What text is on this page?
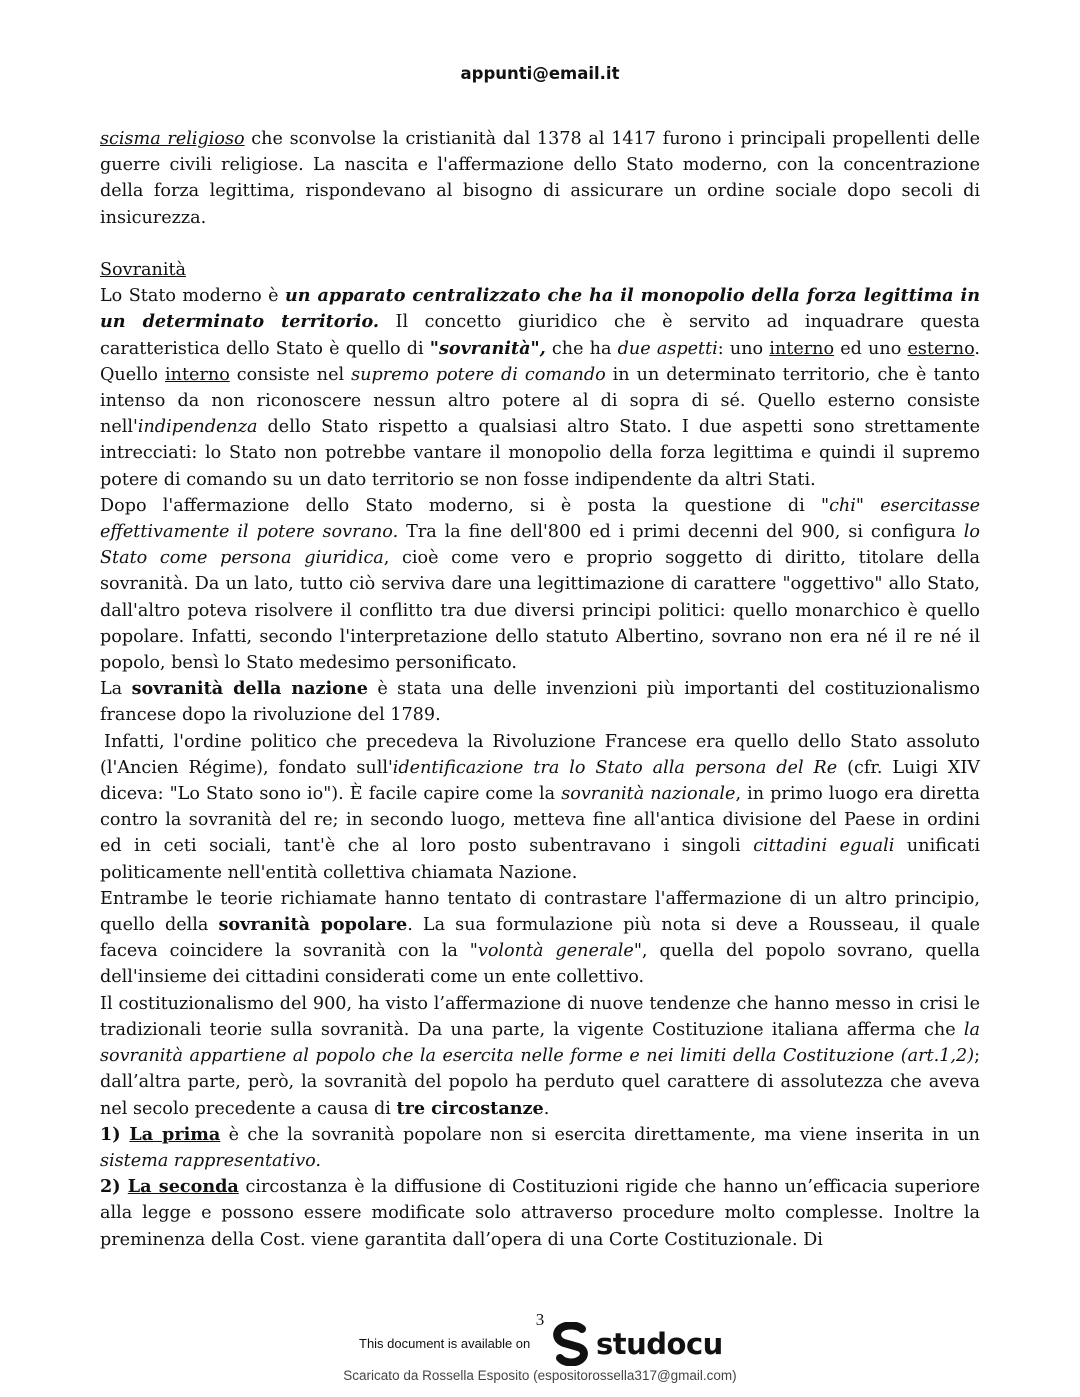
appunti@email.it

scisma religioso che sconvolse la cristianità dal 1378 al 1417 furono i principali propellenti delle guerre civili religiose. La nascita e l'affermazione dello Stato moderno, con la concentrazione della forza legittima, rispondevano al bisogno di assicurare un ordine sociale dopo secoli di insicurezza.

Sovranità

Lo Stato moderno è un apparato centralizzato che ha il monopolio della forza legittima in un determinato territorio. Il concetto giuridico che è servito ad inquadrare questa caratteristica dello Stato è quello di "sovranità", che ha due aspetti: uno interno ed uno esterno. Quello interno consiste nel supremo potere di comando in un determinato territorio, che è tanto intenso da non riconoscere nessun altro potere al di sopra di sé. Quello esterno consiste nell'indipendenza dello Stato rispetto a qualsiasi altro Stato. I due aspetti sono strettamente intrecciati: lo Stato non potrebbe vantare il monopolio della forza legittima e quindi il supremo potere di comando su un dato territorio se non fosse indipendente da altri Stati.

Dopo l'affermazione dello Stato moderno, si è posta la questione di "chi" esercitasse effettivamente il potere sovrano. Tra la fine dell'800 ed i primi decenni del 900, si configura lo Stato come persona giuridica, cioè come vero e proprio soggetto di diritto, titolare della sovranità. Da un lato, tutto ciò serviva dare una legittimazione di carattere "oggettivo" allo Stato, dall'altro poteva risolvere il conflitto tra due diversi principi politici: quello monarchico è quello popolare. Infatti, secondo l'interpretazione dello statuto Albertino, sovrano non era né il re né il popolo, bensì lo Stato medesimo personificato.

La sovranità della nazione è stata una delle invenzioni più importanti del costituzionalismo francese dopo la rivoluzione del 1789.

Infatti, l'ordine politico che precedeva la Rivoluzione Francese era quello dello Stato assoluto (l'Ancien Régime), fondato sull'identificazione tra lo Stato alla persona del Re (cfr. Luigi XIV diceva: "Lo Stato sono io"). È facile capire come la sovranità nazionale, in primo luogo era diretta contro la sovranità del re; in secondo luogo, metteva fine all'antica divisione del Paese in ordini ed in ceti sociali, tant'è che al loro posto subentravano i singoli cittadini eguali unificati politicamente nell'entità collettiva chiamata Nazione.

Entrambe le teorie richiamate hanno tentato di contrastare l'affermazione di un altro principio, quello della sovranità popolare. La sua formulazione più nota si deve a Rousseau, il quale faceva coincidere la sovranità con la "volontà generale", quella del popolo sovrano, quella dell'insieme dei cittadini considerati come un ente collettivo.

Il costituzionalismo del 900, ha visto l’affermazione di nuove tendenze che hanno messo in crisi le tradizionali teorie sulla sovranità. Da una parte, la vigente Costituzione italiana afferma che la sovranità appartiene al popolo che la esercita nelle forme e nei limiti della Costituzione (art.1,2); dall’altra parte, però, la sovranità del popolo ha perduto quel carattere di assolutezza che aveva nel secolo precedente a causa di tre circostanze.

1) La prima è che la sovranità popolare non si esercita direttamente, ma viene inserita in un sistema rappresentativo.

2) La seconda circostanza è la diffusione di Costituzioni rigide che hanno un’efficacia superiore alla legge e possono essere modificate solo attraverso procedure molto complesse. Inoltre la preminenza della Cost. viene garantita dall’opera di una Corte Costituzionale. Di

3
This document is available on studocu
Scaricato da Rossella Esposito (espositorossella317@gmail.com)
